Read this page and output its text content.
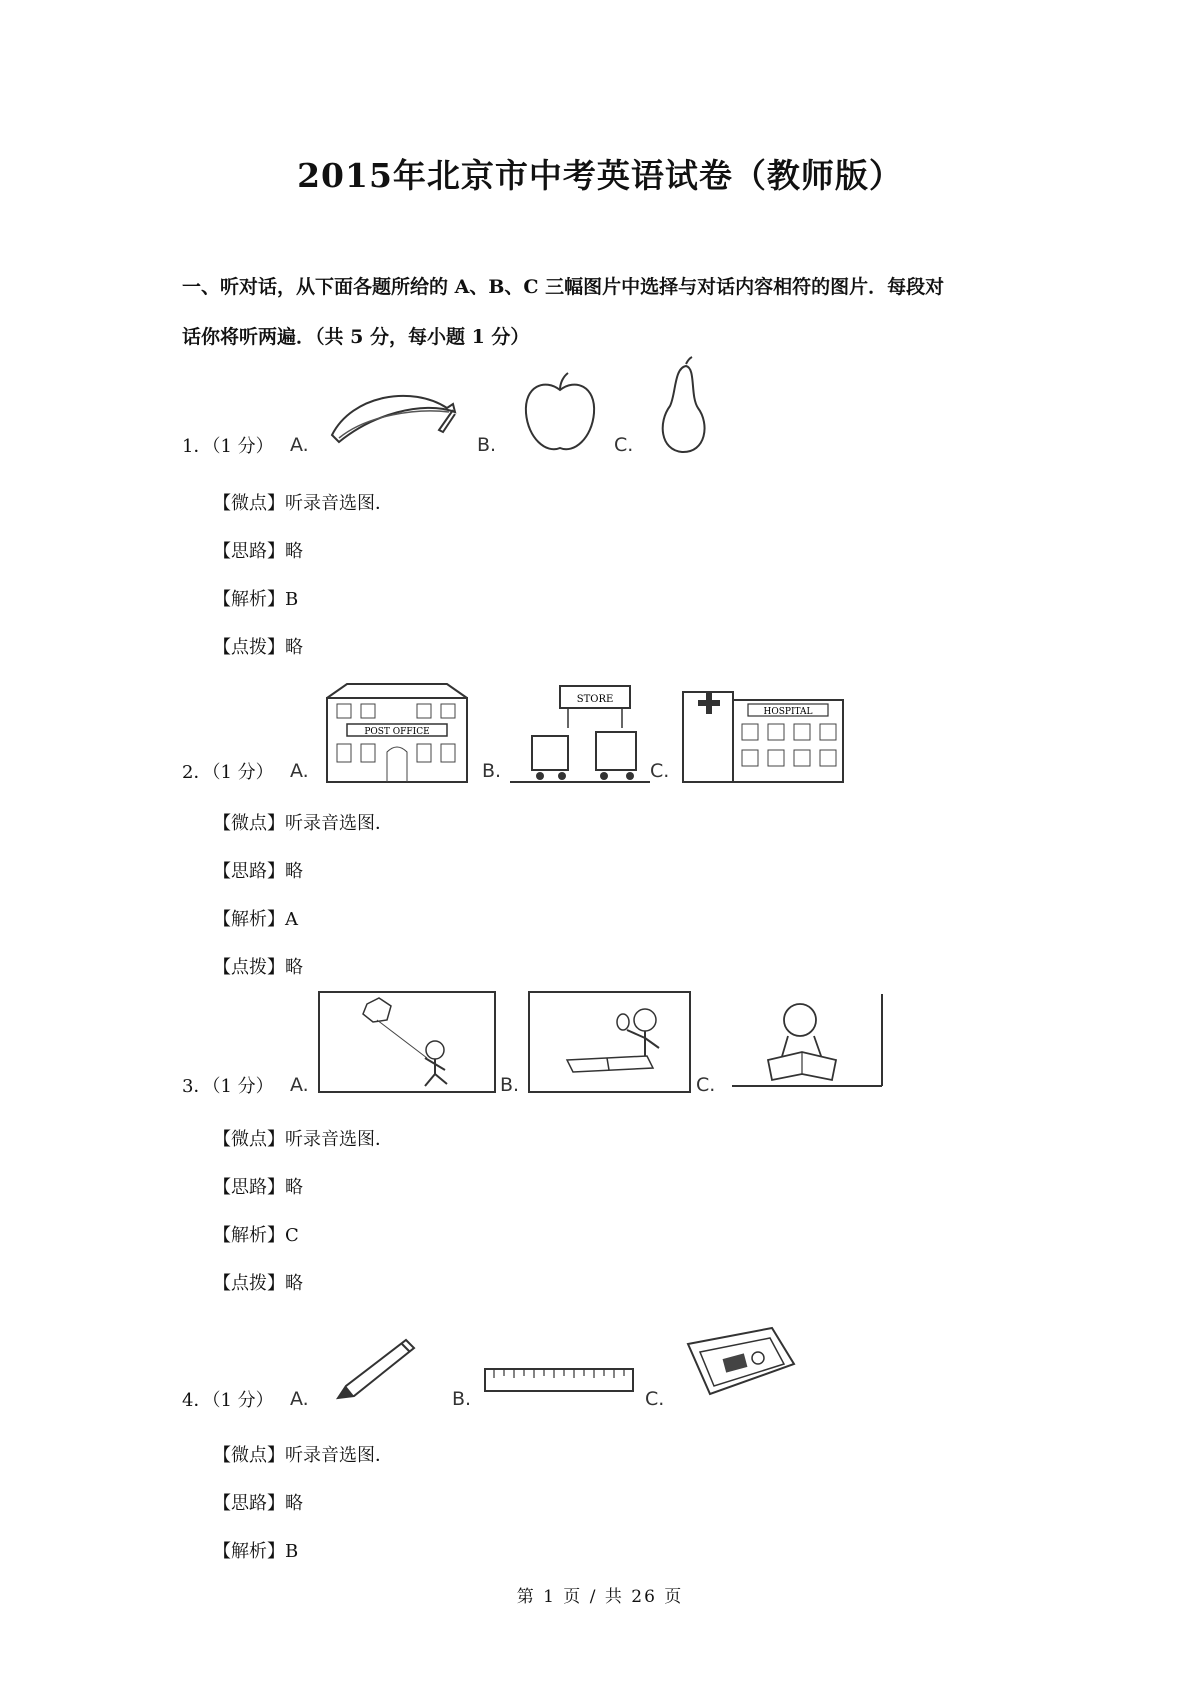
2015年北京市中考英语试卷（教师版）
一、听对话，从下面各题所给的 A、B、C 三幅图片中选择与对话内容相符的图片．每段对
话你将听两遍．（共 5 分，每小题 1 分）
1．（1 分） A.	B.	C.
【微点】听录音选图．
【思路】略
【解析】B
【点拨】略
2．（1 分） A.
POST OFFICE
B.
STORE
C.
HOSPITAL
【微点】听录音选图．
【思路】略
【解析】A
【点拨】略
3．（1 分） A.	B.	C.
【微点】听录音选图．
【思路】略
【解析】C
【点拨】略
4．（1 分） A.	B.	C.
【微点】听录音选图．
【思路】略
【解析】B
第 1 页 / 共 26 页
